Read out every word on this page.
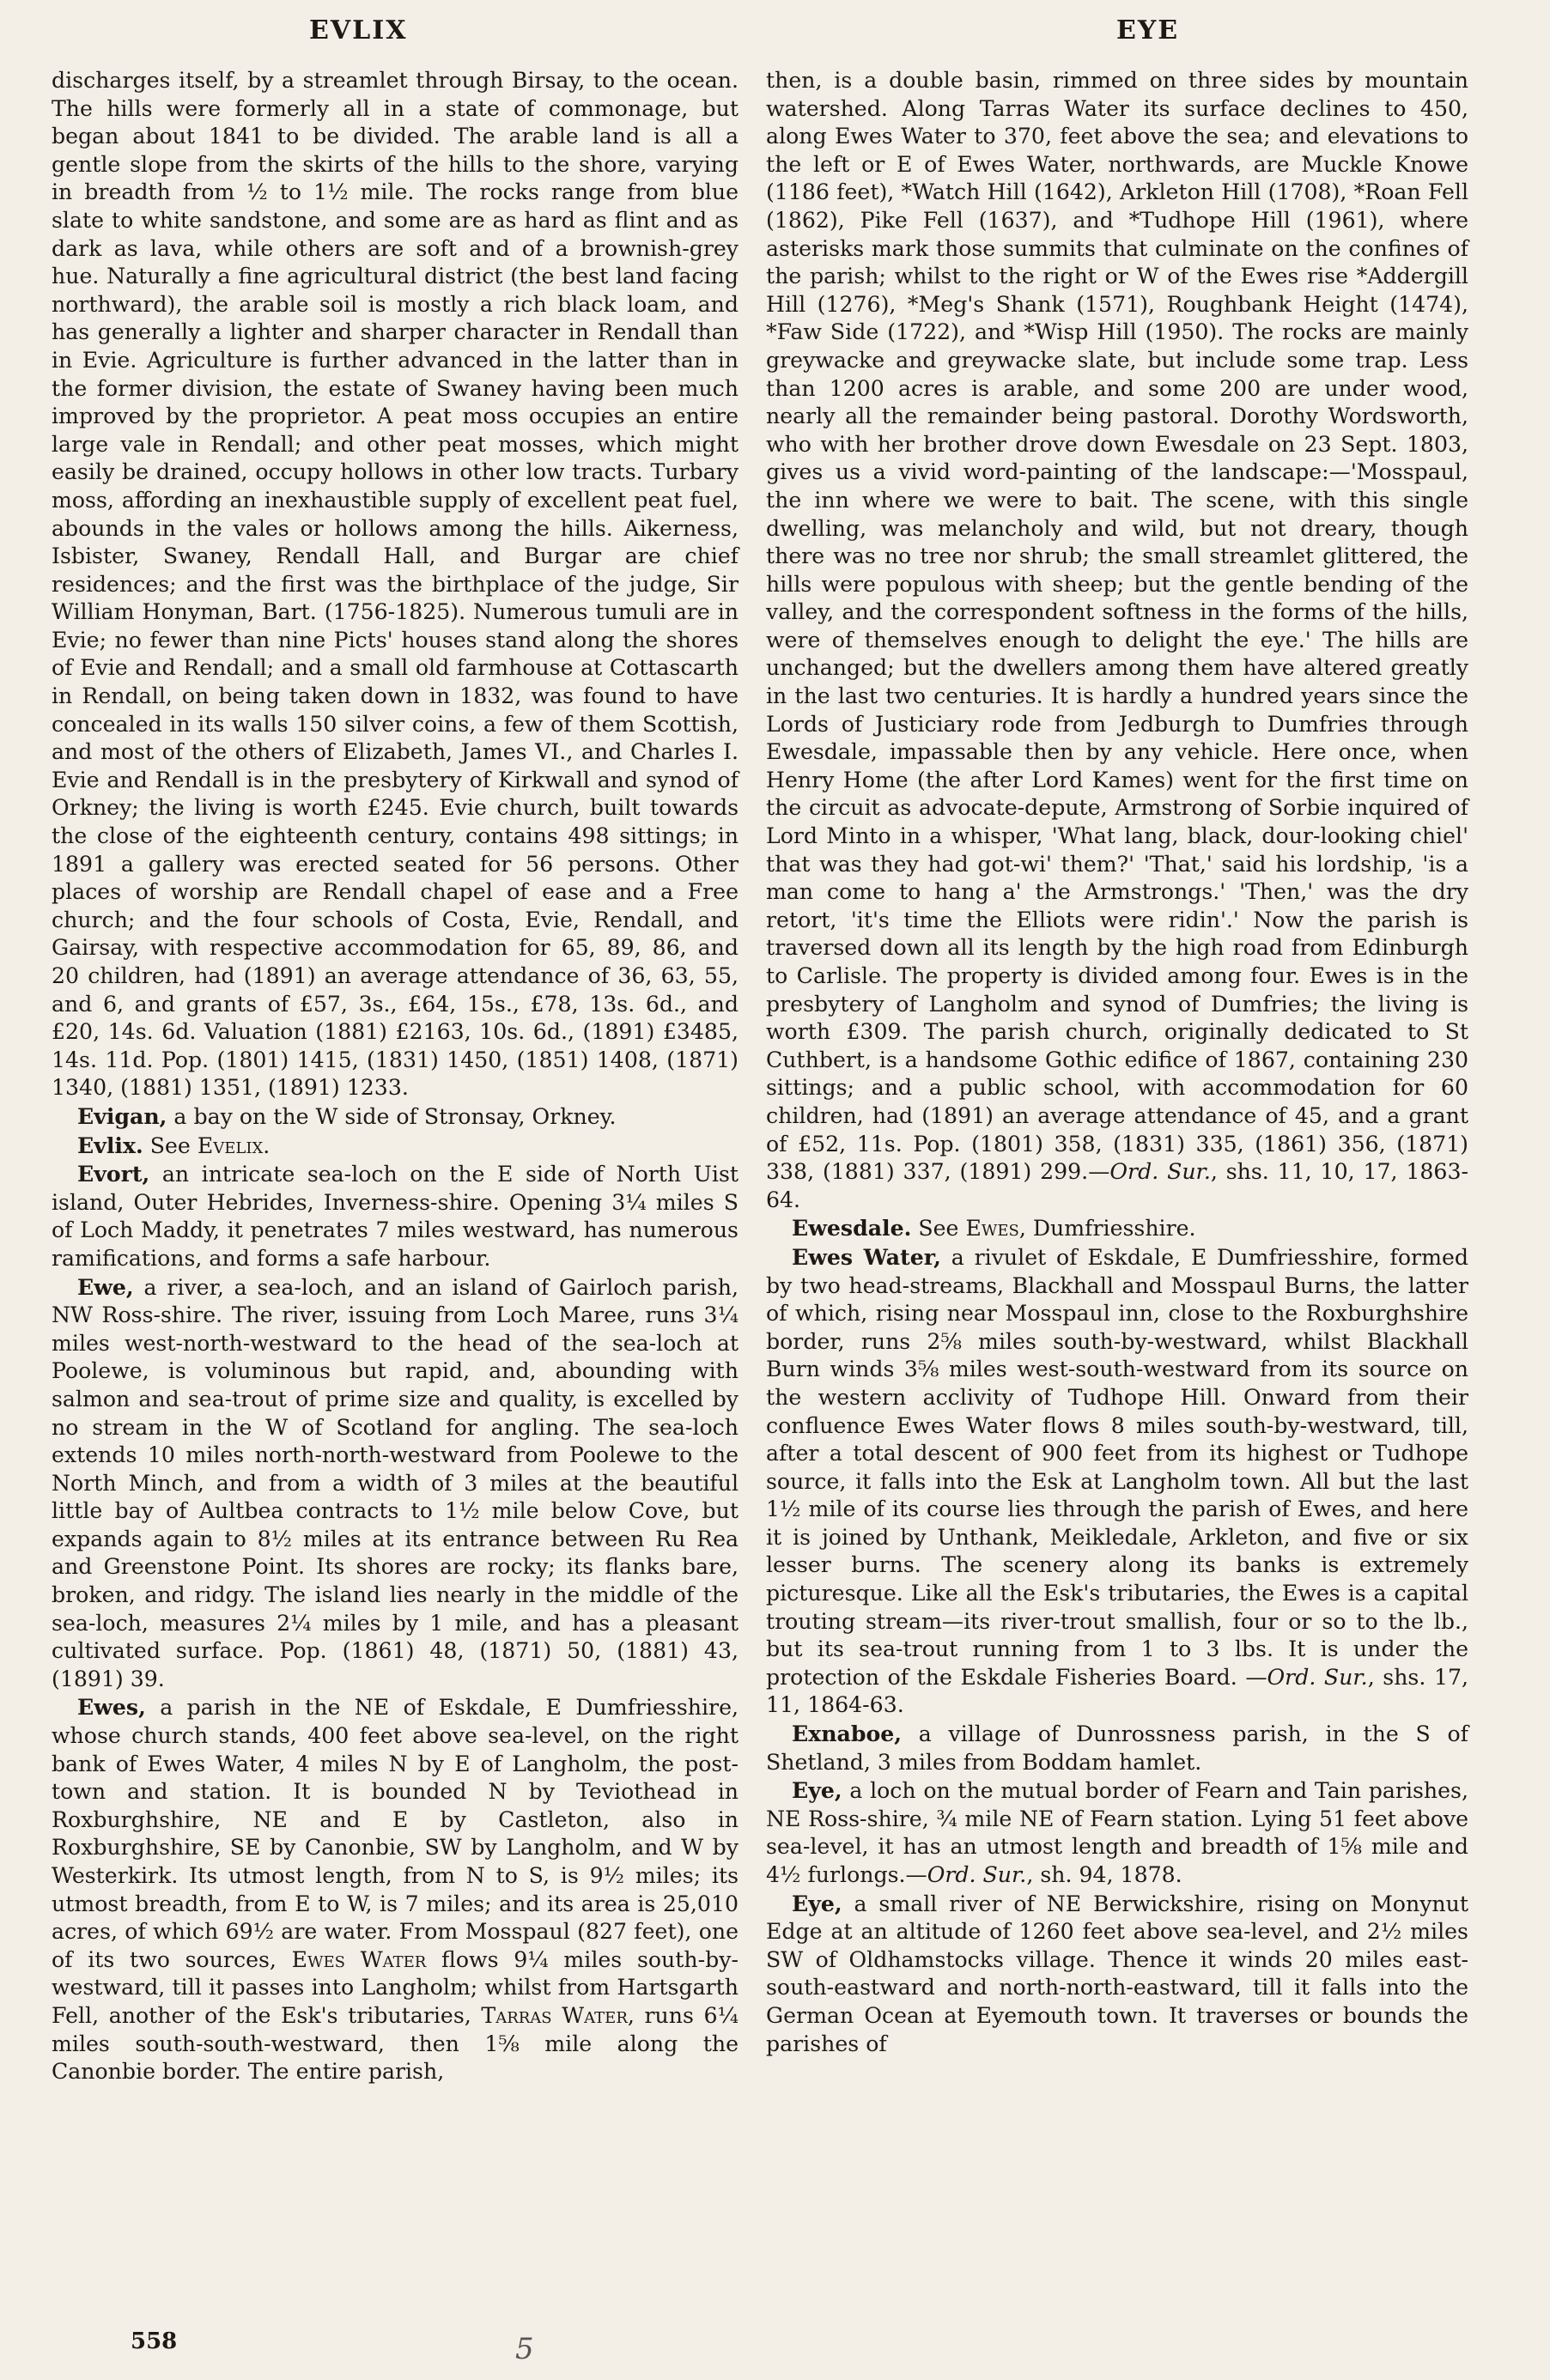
EVLIX	EYE

discharges itself, by a streamlet through Birsay, to the ocean. The hills were formerly all in a state of commonage, but began about 1841 to be divided. The arable land is all a gentle slope from the skirts of the hills to the shore, varying in breadth from ½ to 1½ mile. The rocks range from blue slate to white sandstone, and some are as hard as flint and as dark as lava, while others are soft and of a brownish-grey hue. Naturally a fine agricultural district (the best land facing northward), the arable soil is mostly a rich black loam, and has generally a lighter and sharper character in Rendall than in Evie. Agriculture is further advanced in the latter than in the former division, the estate of Swaney having been much improved by the proprietor. A peat moss occupies an entire large vale in Rendall; and other peat mosses, which might easily be drained, occupy hollows in other low tracts. Turbary moss, affording an inexhaustible supply of excellent peat fuel, abounds in the vales or hollows among the hills. Aikerness, Isbister, Swaney, Rendall Hall, and Burgar are chief residences; and the first was the birthplace of the judge, Sir William Honyman, Bart. (1756-1825). Numerous tumuli are in Evie; no fewer than nine Picts' houses stand along the shores of Evie and Rendall; and a small old farmhouse at Cottascarth in Rendall, on being taken down in 1832, was found to have concealed in its walls 150 silver coins, a few of them Scottish, and most of the others of Elizabeth, James VI., and Charles I. Evie and Rendall is in the presbytery of Kirkwall and synod of Orkney; the living is worth £245. Evie church, built towards the close of the eighteenth century, contains 498 sittings; in 1891 a gallery was erected seated for 56 persons. Other places of worship are Rendall chapel of ease and a Free church; and the four schools of Costa, Evie, Rendall, and Gairsay, with respective accommodation for 65, 89, 86, and 20 children, had (1891) an average attendance of 36, 63, 55, and 6, and grants of £57, 3s., £64, 15s., £78, 13s. 6d., and £20, 14s. 6d. Valuation (1881) £2163, 10s. 6d., (1891) £3485, 14s. 11d. Pop. (1801) 1415, (1831) 1450, (1851) 1408, (1871) 1340, (1881) 1351, (1891) 1233.

Evigan, a bay on the W side of Stronsay, Orkney.

Evlix. See Evelix.

Evort, an intricate sea-loch on the E side of North Uist island, Outer Hebrides, Inverness-shire. Opening 3¼ miles S of Loch Maddy, it penetrates 7 miles westward, has numerous ramifications, and forms a safe harbour.

Ewe, a river, a sea-loch, and an island of Gairloch parish, NW Ross-shire. The river, issuing from Loch Maree, runs 3¼ miles west-north-westward to the head of the sea-loch at Poolewe, is voluminous but rapid, and, abounding with salmon and sea-trout of prime size and quality, is excelled by no stream in the W of Scotland for angling. The sea-loch extends 10 miles north-north-westward from Poolewe to the North Minch, and from a width of 3 miles at the beautiful little bay of Aultbea contracts to 1½ mile below Cove, but expands again to 8½ miles at its entrance between Ru Rea and Greenstone Point. Its shores are rocky; its flanks bare, broken, and ridgy. The island lies nearly in the middle of the sea-loch, measures 2¼ miles by 1 mile, and has a pleasant cultivated surface. Pop. (1861) 48, (1871) 50, (1881) 43, (1891) 39.

Ewes, a parish in the NE of Eskdale, E Dumfriesshire, whose church stands, 400 feet above sea-level, on the right bank of Ewes Water, 4 miles N by E of Langholm, the post-town and station. It is bounded N by Teviothead in Roxburghshire, NE and E by Castleton, also in Roxburghshire, SE by Canonbie, SW by Langholm, and W by Westerkirk. Its utmost length, from N to S, is 9½ miles; its utmost breadth, from E to W, is 7 miles; and its area is 25,010 acres, of which 69½ are water. From Mosspaul (827 feet), one of its two sources, Ewes Water flows 9¼ miles south-by-westward, till it passes into Langholm; whilst from Hartsgarth Fell, another of the Esk's tributaries, Tarras Water, runs 6¼ miles south-south-westward, then 1⅝ mile along the Canonbie border. The entire parish,

then, is a double basin, rimmed on three sides by mountain watershed. Along Tarras Water its surface declines to 450, along Ewes Water to 370, feet above the sea; and elevations to the left or E of Ewes Water, northwards, are Muckle Knowe (1186 feet), *Watch Hill (1642), Arkleton Hill (1708), *Roan Fell (1862), Pike Fell (1637), and *Tudhope Hill (1961), where asterisks mark those summits that culminate on the confines of the parish; whilst to the right or W of the Ewes rise *Addergill Hill (1276), *Meg's Shank (1571), Roughbank Height (1474), *Faw Side (1722), and *Wisp Hill (1950). The rocks are mainly greywacke and greywacke slate, but include some trap. Less than 1200 acres is arable, and some 200 are under wood, nearly all the remainder being pastoral. Dorothy Wordsworth, who with her brother drove down Ewesdale on 23 Sept. 1803, gives us a vivid word-painting of the landscape:—'Mosspaul, the inn where we were to bait. The scene, with this single dwelling, was melancholy and wild, but not dreary, though there was no tree nor shrub; the small streamlet glittered, the hills were populous with sheep; but the gentle bending of the valley, and the correspondent softness in the forms of the hills, were of themselves enough to delight the eye.' The hills are unchanged; but the dwellers among them have altered greatly in the last two centuries. It is hardly a hundred years since the Lords of Justiciary rode from Jedburgh to Dumfries through Ewesdale, impassable then by any vehicle. Here once, when Henry Home (the after Lord Kames) went for the first time on the circuit as advocate-depute, Armstrong of Sorbie inquired of Lord Minto in a whisper, 'What lang, black, dour-looking chiel' that was they had got-wi' them?' 'That,' said his lordship, 'is a man come to hang a' the Armstrongs.' 'Then,' was the dry retort, 'it's time the Elliots were ridin'.' Now the parish is traversed down all its length by the high road from Edinburgh to Carlisle. The property is divided among four. Ewes is in the presbytery of Langholm and synod of Dumfries; the living is worth £309. The parish church, originally dedicated to St Cuthbert, is a handsome Gothic edifice of 1867, containing 230 sittings; and a public school, with accommodation for 60 children, had (1891) an average attendance of 45, and a grant of £52, 11s. Pop. (1801) 358, (1831) 335, (1861) 356, (1871) 338, (1881) 337, (1891) 299.—Ord. Sur., shs. 11, 10, 17, 1863-64.

Ewesdale. See Ewes, Dumfriesshire.

Ewes Water, a rivulet of Eskdale, E Dumfriesshire, formed by two head-streams, Blackhall and Mosspaul Burns, the latter of which, rising near Mosspaul inn, close to the Roxburghshire border, runs 2⅝ miles south-by-westward, whilst Blackhall Burn winds 3⅝ miles west-south-westward from its source on the western acclivity of Tudhope Hill. Onward from their confluence Ewes Water flows 8 miles south-by-westward, till, after a total descent of 900 feet from its highest or Tudhope source, it falls into the Esk at Langholm town. All but the last 1½ mile of its course lies through the parish of Ewes, and here it is joined by Unthank, Meikledale, Arkleton, and five or six lesser burns. The scenery along its banks is extremely picturesque. Like all the Esk's tributaries, the Ewes is a capital trouting stream—its river-trout smallish, four or so to the lb., but its sea-trout running from 1 to 3 lbs. It is under the protection of the Eskdale Fisheries Board. —Ord. Sur., shs. 17, 11, 1864-63.

Exnaboe, a village of Dunrossness parish, in the S of Shetland, 3 miles from Boddam hamlet.

Eye, a loch on the mutual border of Fearn and Tain parishes, NE Ross-shire, ¾ mile NE of Fearn station. Lying 51 feet above sea-level, it has an utmost length and breadth of 1⅝ mile and 4½ furlongs.—Ord. Sur., sh. 94, 1878.

Eye, a small river of NE Berwickshire, rising on Monynut Edge at an altitude of 1260 feet above sea-level, and 2½ miles SW of Oldhamstocks village. Thence it winds 20 miles east-south-eastward and north-north-eastward, till it falls into the German Ocean at Eyemouth town. It traverses or bounds the parishes of

558	5
